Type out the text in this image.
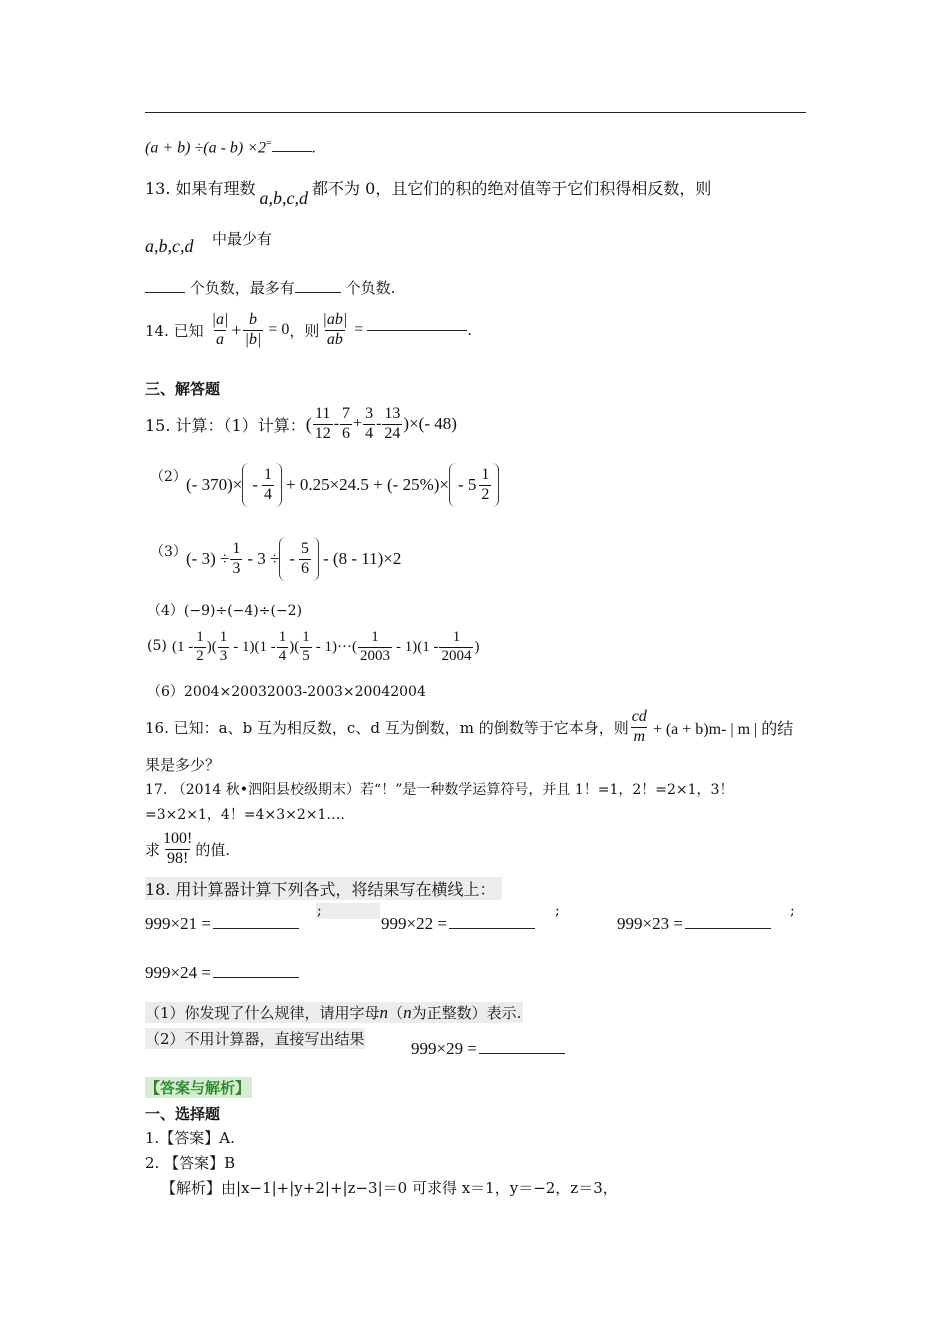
(a + b) ÷(a - b) ×2=	.
13. 如果有理数 a,b,c,d 都不为 0，且它们的积的绝对值等于它们积得相反数，则
a,b,c,d 中最少有
个负数，最多有	个负数.
14. 已知 $\frac{|a|}{a} + \frac{b}{|b|} = 0$ ，则 $\frac{|ab|}{ab}$ =	.
三、解答题
15. 计算：（1）计算： ( $\frac{11}{12} - \frac{7}{6} + \frac{3}{4} - \frac{13}{24}$ )×(- 48)
（2） (- $370)\times - \frac{1}{4} + 0.25\times 24.5$ + (- $25\%)\times - 5 \frac{1}{2}$
（3） (- $3) \div \frac{1}{3} - 3$ ÷ - $\frac{5}{6} - (8 - 11)\times 2$
（4）(−9)÷(−4)÷(−2)
(5) ($1 - \frac{1}{2}$ )( $\frac{1}{3} - 1)(1 - \frac{1}{4}$ )( $\frac{1}{5} - 1)\cdot\cdot\cdot( \frac{1}{2003} - 1)(1 - \frac{1}{2004}$ )
（6）2004×20032003-2003×20042004
16. 已知：a、b 互为相反数，c、d 互为倒数，m 的倒数等于它本身，则 $\frac{cd}{m} + (a + b)m-$ | m | 的结
果是多少？
17. （2014 秋•泗阳县校级期末）若“！”是一种数学运算符号，并且 1！=1，2！=2×1，3！
=3×2×1，4！=4×3×2×1….
求 $\frac{100!}{98!}$ 的值.
18. 用计算器计算下列各式，将结果写在横线上：
999×21 =
;
999×22 =
;
999×23 =
;
999×24 =
（1）你发现了什么规律，请用字母n（n为正整数）表示.
（2）不用计算器，直接写出结果	999×29 =
【答案与解析】
一、选择题
1.【答案】A.
2. 【答案】B
【解析】由|x−1|+|y+2|+|z−3|＝0 可求得 x＝1，y＝−2，z＝3，
